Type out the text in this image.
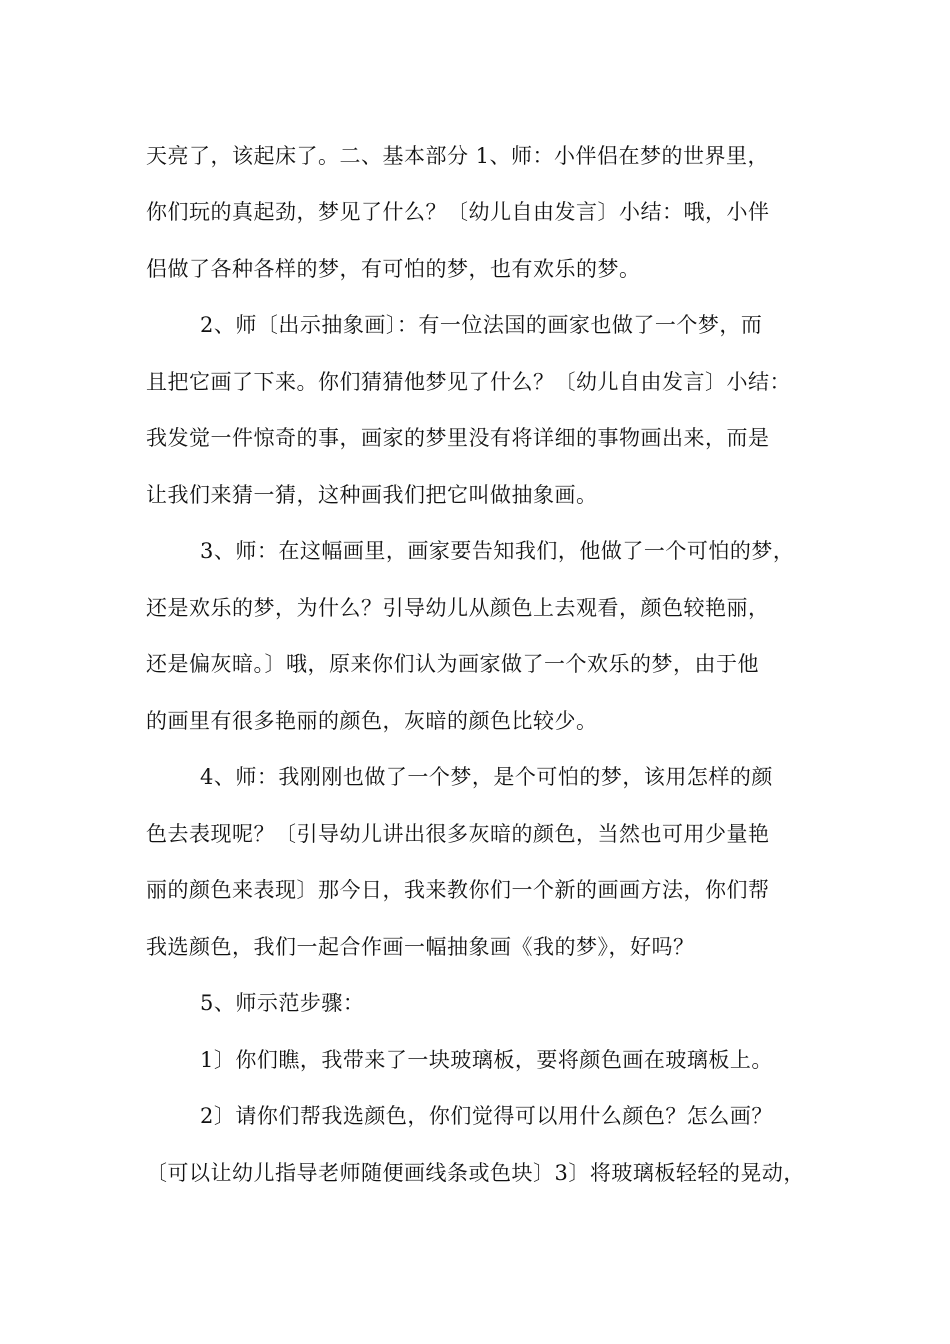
天亮了，该起床了。二、基本部分 1、师：小伴侣在梦的世界里，
你们玩的真起劲，梦见了什么？〔幼儿自由发言〕小结：哦，小伴
侣做了各种各样的梦，有可怕的梦，也有欢乐的梦。
2、师〔出示抽象画〕：有一位法国的画家也做了一个梦，而
且把它画了下来。你们猜猜他梦见了什么？〔幼儿自由发言〕小结：
我发觉一件惊奇的事，画家的梦里没有将详细的事物画出来，而是
让我们来猜一猜，这种画我们把它叫做抽象画。
3、师：在这幅画里，画家要告知我们，他做了一个可怕的梦，
还是欢乐的梦，为什么？引导幼儿从颜色上去观看，颜色较艳丽，
还是偏灰暗。〕哦，原来你们认为画家做了一个欢乐的梦，由于他
的画里有很多艳丽的颜色，灰暗的颜色比较少。
4、师：我刚刚也做了一个梦，是个可怕的梦，该用怎样的颜
色去表现呢？〔引导幼儿讲出很多灰暗的颜色，当然也可用少量艳
丽的颜色来表现〕那今日，我来教你们一个新的画画方法，你们帮
我选颜色，我们一起合作画一幅抽象画《我的梦》，好吗？
5、师示范步骤：
1〕你们瞧，我带来了一块玻璃板，要将颜色画在玻璃板上。
2〕请你们帮我选颜色，你们觉得可以用什么颜色？怎么画？
〔可以让幼儿指导老师随便画线条或色块〕3〕将玻璃板轻轻的晃动，
